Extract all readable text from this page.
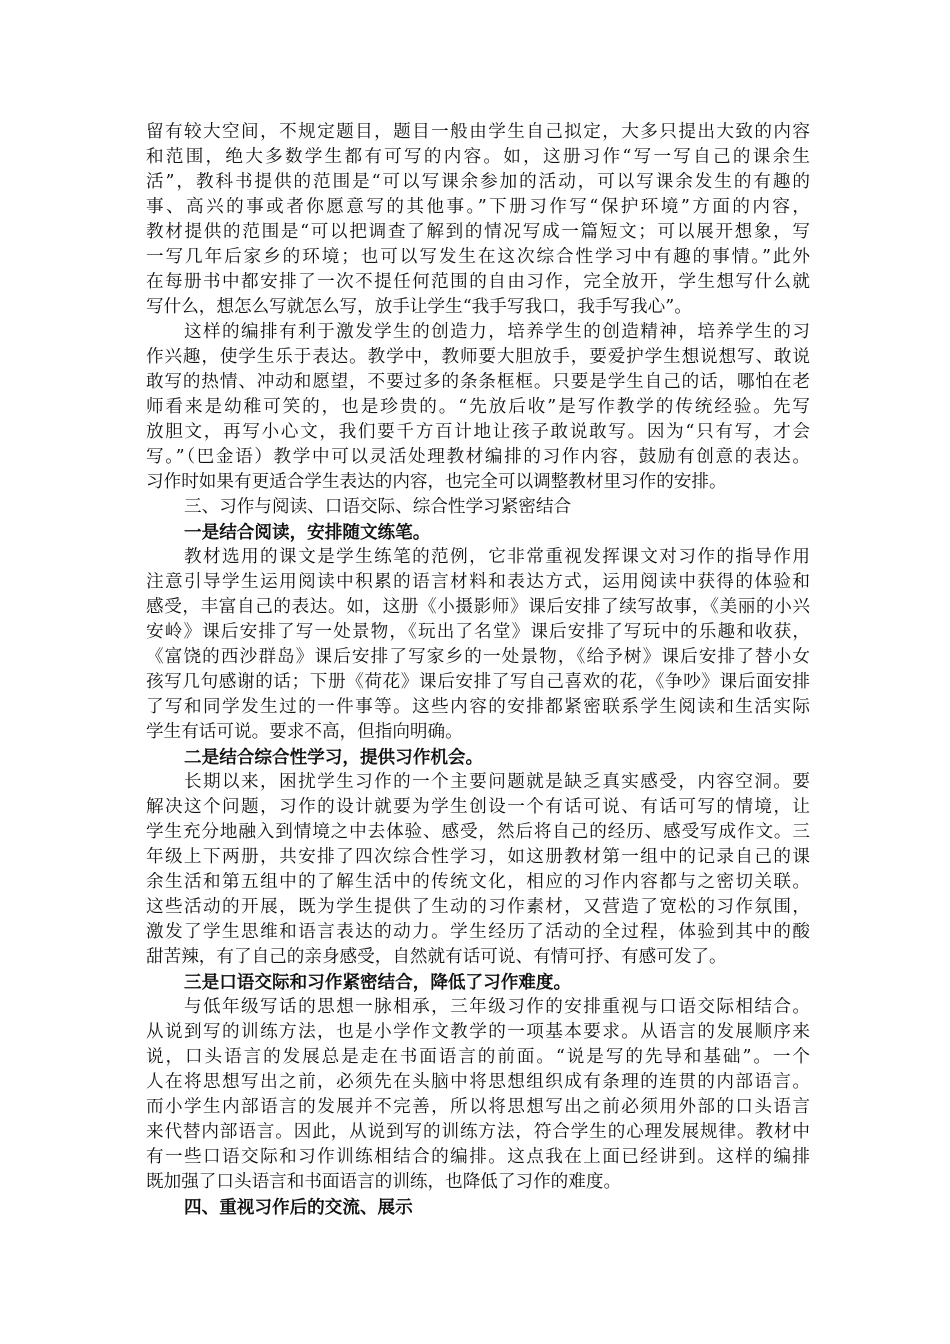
留有较大空间，不规定题目，题目一般由学生自己拟定，大多只提出大致的内容
和范围，绝大多数学生都有可写的内容。如，这册习作“写一写自己的课余生
活”，教科书提供的范围是“可以写课余参加的活动，可以写课余发生的有趣的
事、高兴的事或者你愿意写的其他事。”下册习作写“保护环境”方面的内容，
教材提供的范围是“可以把调查了解到的情况写成一篇短文；可以展开想象，写
一写几年后家乡的环境；也可以写发生在这次综合性学习中有趣的事情。”此外
在每册书中都安排了一次不提任何范围的自由习作，完全放开，学生想写什么就
写什么，想怎么写就怎么写，放手让学生“我手写我口，我手写我心”。
这样的编排有利于激发学生的创造力，培养学生的创造精神，培养学生的习
作兴趣，使学生乐于表达。教学中，教师要大胆放手，要爱护学生想说想写、敢说
敢写的热情、冲动和愿望，不要过多的条条框框。只要是学生自己的话，哪怕在老
师看来是幼稚可笑的，也是珍贵的。“先放后收”是写作教学的传统经验。先写
放胆文，再写小心文，我们要千方百计地让孩子敢说敢写。因为“只有写，才会
写。”（巴金语）教学中可以灵活处理教材编排的习作内容，鼓励有创意的表达。
习作时如果有更适合学生表达的内容，也完全可以调整教材里习作的安排。
三、习作与阅读、口语交际、综合性学习紧密结合
一是结合阅读，安排随文练笔。
教材选用的课文是学生练笔的范例，它非常重视发挥课文对习作的指导作用
注意引导学生运用阅读中积累的语言材料和表达方式，运用阅读中获得的体验和
感受，丰富自己的表达。如，这册《小摄影师》课后安排了续写故事，《美丽的小兴
安岭》课后安排了写一处景物，《玩出了名堂》课后安排了写玩中的乐趣和收获，
《富饶的西沙群岛》课后安排了写家乡的一处景物，《给予树》课后安排了替小女
孩写几句感谢的话；下册《荷花》课后安排了写自己喜欢的花，《争吵》课后面安排
了写和同学发生过的一件事等。这些内容的安排都紧密联系学生阅读和生活实际
学生有话可说。要求不高，但指向明确。
二是结合综合性学习，提供习作机会。
长期以来，困扰学生习作的一个主要问题就是缺乏真实感受，内容空洞。要
解决这个问题，习作的设计就要为学生创设一个有话可说、有话可写的情境，让
学生充分地融入到情境之中去体验、感受，然后将自己的经历、感受写成作文。三
年级上下两册，共安排了四次综合性学习，如这册教材第一组中的记录自己的课
余生活和第五组中的了解生活中的传统文化，相应的习作内容都与之密切关联。
这些活动的开展，既为学生提供了生动的习作素材，又营造了宽松的习作氛围，
激发了学生思维和语言表达的动力。学生经历了活动的全过程，体验到其中的酸
甜苦辣，有了自己的亲身感受，自然就有话可说、有情可抒、有感可发了。
三是口语交际和习作紧密结合，降低了习作难度。
与低年级写话的思想一脉相承，三年级习作的安排重视与口语交际相结合。
从说到写的训练方法，也是小学作文教学的一项基本要求。从语言的发展顺序来
说，口头语言的发展总是走在书面语言的前面。“说是写的先导和基础”。一个
人在将思想写出之前，必须先在头脑中将思想组织成有条理的连贯的内部语言。
而小学生内部语言的发展并不完善，所以将思想写出之前必须用外部的口头语言
来代替内部语言。因此，从说到写的训练方法，符合学生的心理发展规律。教材中
有一些口语交际和习作训练相结合的编排。这点我在上面已经讲到。这样的编排
既加强了口头语言和书面语言的训练，也降低了习作的难度。
四、重视习作后的交流、展示
